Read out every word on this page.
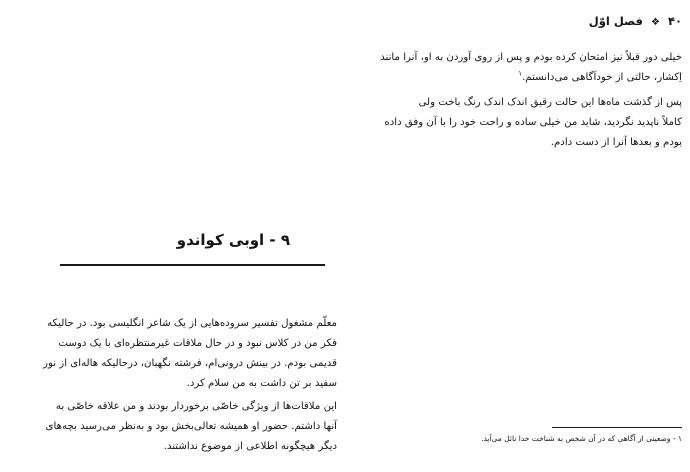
۴۰ ❖ فصل اوّل
خیلی دور قبلاً نیز امتحان کرده بودم و پس از روی آوردن به او، آنرا مانند
اِکشار، حالتی از خودآگاهی می‌دانستم.$^۱$
پس از گذشت ماه‌ها این حالت رقیق اندک اندک رنگ باخت ولی
کاملاً ناپدید نگردید، شاید من خیلی ساده و راحت خود را با آن وفق داده
بودم و بعدها آنرا از دست دادم.
۱ - وضعیتی از آگاهی که در آن شخص به شناخت خدا نائل می‌آید.
۹ - اوبی کواندو
معلّم مشغول تفسیر سروده‌هایی از یک شاعر انگلیسی بود. در حالیکه
فکر من در کلاس نبود و در حال ملاقات غیرمنتظره‌ای با یک دوست
قدیمی بودم. در بینش درونی‌ام، فرشته نگهبان، درحالیکه هاله‌ای از نور
سفید بر تن داشت به من سلام کرد.
این ملاقات‌ها از ویژگی خاصّی برخوردار بودند و من علاقه خاصّی به
آنها داشتم. حضور او همیشه تعالی‌بخش بود و به‌نظر می‌رسید بچه‌های
دیگر هیچگونه اطلاعی از موضوع نداشتند.
